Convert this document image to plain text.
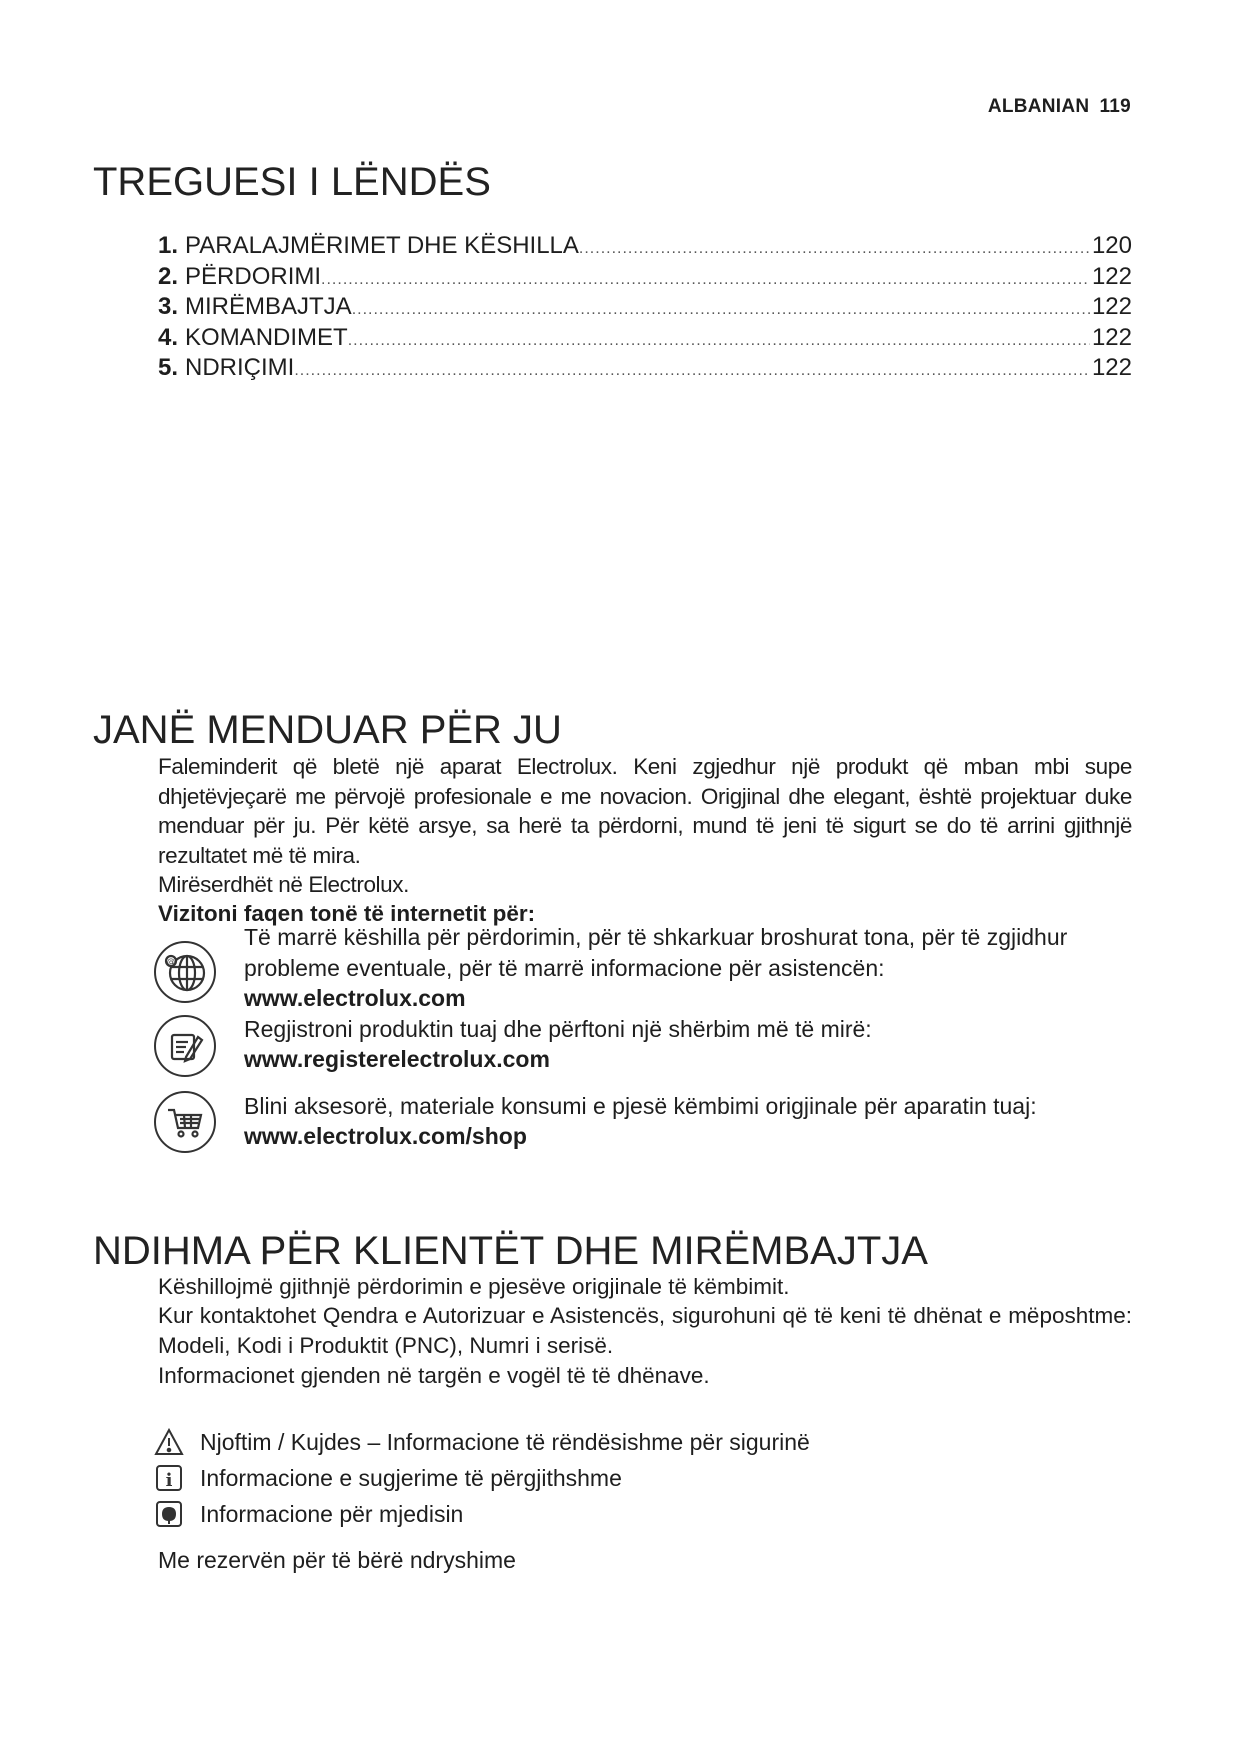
ALBANIAN 119
TREGUESI I LËNDËS
1. PARALAJMËRIMET DHE KËSHILLA .....	120
2. PËRDORIMI .....	122
3. MIRËMBAJTJA .....	122
4. KOMANDIMET .....	122
5. NDRIÇIMI .....	122
JANË MENDUAR PËR JU

Faleminderit që bletë një aparat Electrolux. Keni zgjedhur një produkt që mban mbi supe dhjetëvjeçarë me përvojë profesionale e me novacion. Origjinal dhe elegant, është projektuar duke menduar për ju. Për këtë arsye, sa herë ta përdorni, mund të jeni të sigurt se do të arrini gjithnjë rezultatet më të mira.

Mirëserdhët në Electrolux.

Vizitoni faqen tonë të internetit për:

@

Të marrë këshilla për përdorimin, për të shkarkuar broshurat tona, për të zgjidhur probleme eventuale, për të marrë informacione për asistencën:

www.electrolux.com

Regjistroni produktin tuaj dhe përftoni një shërbim më të mirë:

www.registerelectrolux.com

Blini aksesorë, materiale konsumi e pjesë këmbimi origjinale për aparatin tuaj:

www.electrolux.com/shop

NDIHMA PËR KLIENTËT DHE MIRËMBAJTJA

Këshillojmë gjithnjë përdorimin e pjesëve origjinale të këmbimit.

Kur kontaktohet Qendra e Autorizuar e Asistencës, sigurohuni që të keni të dhënat e mëposhtme: Modeli, Kodi i Produktit (PNC), Numri i serisë.

Informacionet gjenden në targën e vogël të të dhënave.

Njoftim / Kujdes – Informacione të rëndësishme për sigurinë
i Informacione e sugjerime të përgjithshme
Informacione për mjedisin

Me rezervën për të bërë ndryshime
